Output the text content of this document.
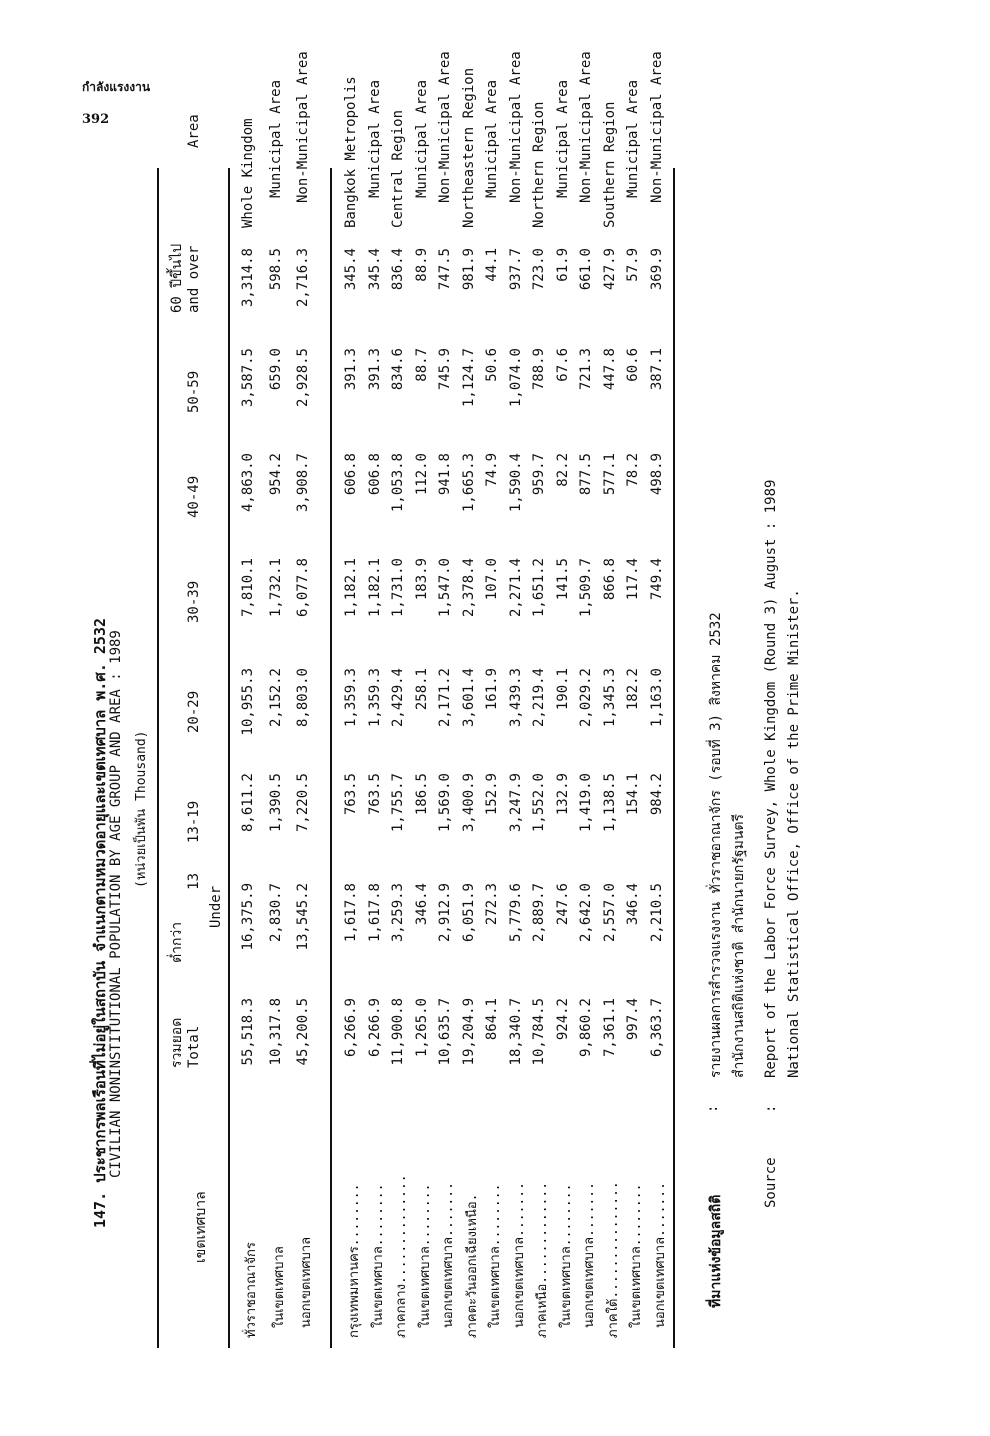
กำลังแรงงาน
392
147. ประชากรพลเรือนที่ไม่อยู่ในสถาบัน จำแนกตามหมวดอายุและเขตเทศบาล พ.ศ. 2532 CIVILIAN NONINSTITUTIONAL POPULATION BY AGE GROUP AND AREA : 1989 (หน่วยเป็นพัน Thousand)
เขตเทศบาล
รวมยอด Total
ต่ำกว่า
13
Under
13-19
20-29
30-39
40-49
50-59
60 ปีขึ้นไป and over
Area
ทั่วราชอาณาจักร
55,518.3
16,375.9
8,611.2
10,955.3
7,810.1
4,863.0
3,587.5
3,314.8
Whole Kingdom
ในเขตเทศบาล
10,317.8
2,830.7
1,390.5
2,152.2
1,732.1
954.2
659.0
598.5
Municipal Area
นอกเขตเทศบาล
45,200.5
13,545.2
7,220.5
8,803.0
6,077.8
3,908.7
2,928.5
2,716.3
Non-Municipal Area
กรุงเทพมหานคร........
6,266.9
1,617.8
763.5
1,359.3
1,182.1
606.8
391.3
345.4
Bangkok Metropolis
ในเขตเทศบาล........
6,266.9
1,617.8
763.5
1,359.3
1,182.1
606.8
391.3
345.4
Municipal Area
ภาคกลาง..............
11,900.8
3,259.3
1,755.7
2,429.4
1,731.0
1,053.8
834.6
836.4
Central Region
ในเขตเทศบาล........
1,265.0
346.4
186.5
258.1
183.9
112.0
88.7
88.9
Municipal Area
นอกเขตเทศบาล.......
10,635.7
2,912.9
1,569.0
2,171.2
1,547.0
941.8
745.9
747.5
Non-Municipal Area
ภาคตะวันออกเฉียงเหนือ.
19,204.9
6,051.9
3,400.9
3,601.4
2,378.4
1,665.3
1,124.7
981.9
Northeastern Region
ในเขตเทศบาล........
864.1
272.3
152.9
161.9
107.0
74.9
50.6
44.1
Municipal Area
นอกเขตเทศบาล.......
18,340.7
5,779.6
3,247.9
3,439.3
2,271.4
1,590.4
1,074.0
937.7
Non-Municipal Area
ภาคเหนือ.............
10,784.5
2,889.7
1,552.0
2,219.4
1,651.2
959.7
788.9
723.0
Northern Region
ในเขตเทศบาล........
924.2
247.6
132.9
190.1
141.5
82.2
67.6
61.9
Municipal Area
นอกเขตเทศบาล.......
9,860.2
2,642.0
1,419.0
2,029.2
1,509.7
877.5
721.3
661.0
Non-Municipal Area
ภาคใต้...............
7,361.1
2,557.0
1,138.5
1,345.3
866.8
577.1
447.8
427.9
Southern Region
ในเขตเทศบาล........
997.4
346.4
154.1
182.2
117.4
78.2
60.6
57.9
Municipal Area
นอกเขตเทศบาล.......
6,363.7
2,210.5
984.2
1,163.0
749.4
498.9
387.1
369.9
Non-Municipal Area
ที่มาแห่งข้อมูลสถิติ
:
รายงานผลการสำรวจแรงงาน ทั่วราชอาณาจักร (รอบที่ 3) สิงหาคม 2532 สำนักงานสถิติแห่งชาติ สำนักนายกรัฐมนตรี
Source
:
Report of the Labor Force Survey, Whole Kingdom (Round 3) August : 1989 National Statistical Office, Office of the Prime Minister.
